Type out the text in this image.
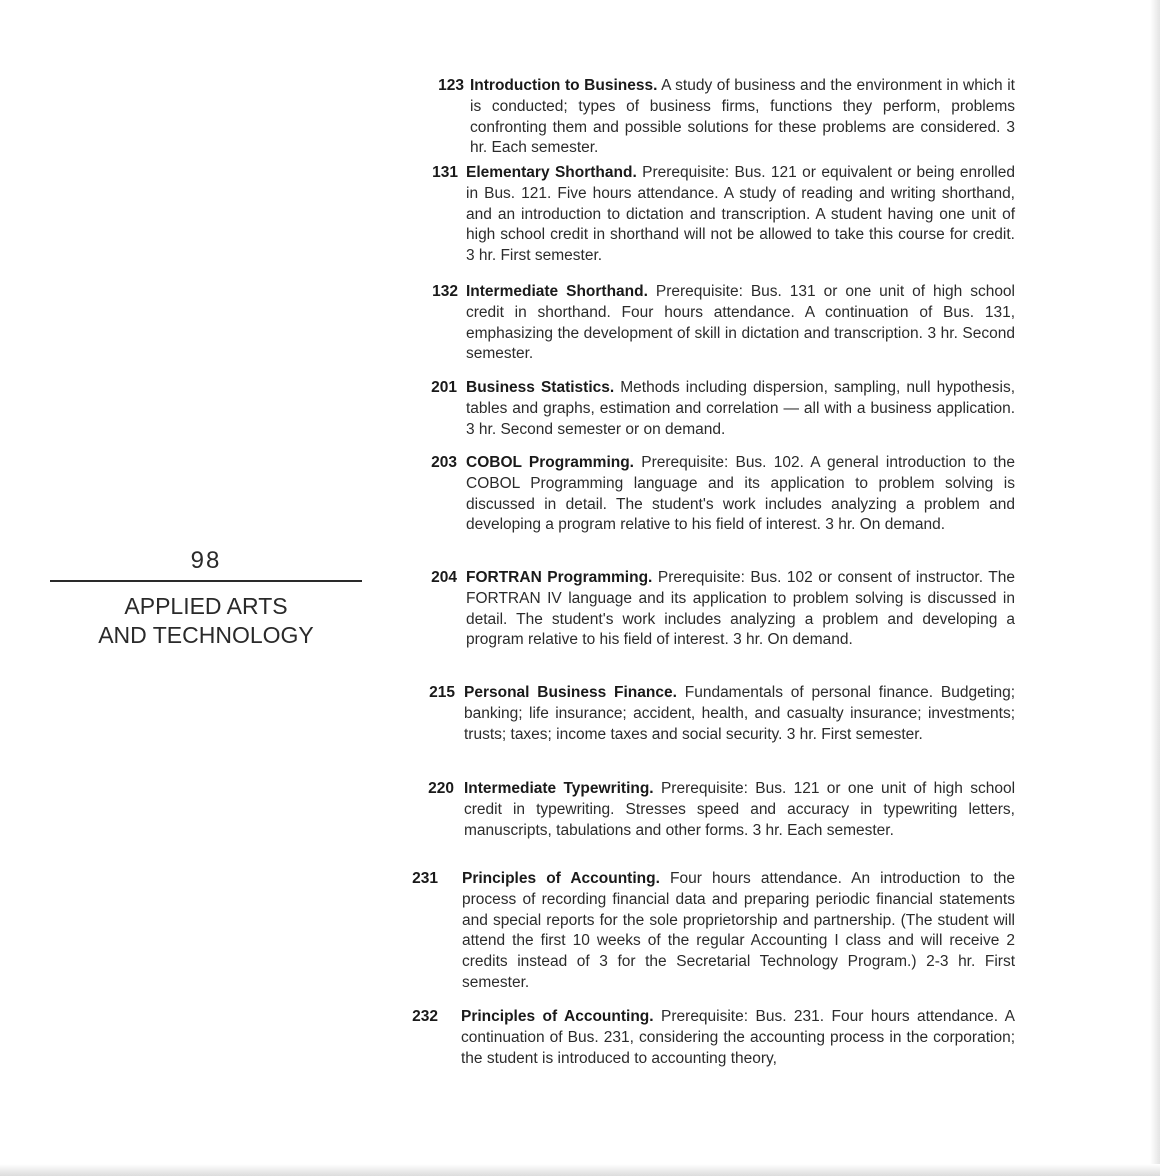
98
APPLIED ARTS
AND TECHNOLOGY
123 Introduction to Business. A study of business and the environment in which it is conducted; types of business firms, functions they perform, problems confronting them and possible solutions for these problems are considered. 3 hr. Each semester.
131 Elementary Shorthand. Prerequisite: Bus. 121 or equivalent or being enrolled in Bus. 121. Five hours attendance. A study of reading and writing shorthand, and an introduction to dictation and transcription. A student having one unit of high school credit in shorthand will not be allowed to take this course for credit. 3 hr. First semester.
132 Intermediate Shorthand. Prerequisite: Bus. 131 or one unit of high school credit in shorthand. Four hours attendance. A continuation of Bus. 131, emphasizing the development of skill in dictation and transcription. 3 hr. Second semester.
201 Business Statistics. Methods including dispersion, sampling, null hypothesis, tables and graphs, estimation and correlation — all with a business application. 3 hr. Second semester or on demand.
203 COBOL Programming. Prerequisite: Bus. 102. A general introduction to the COBOL Programming language and its application to problem solving is discussed in detail. The student's work includes analyzing a problem and developing a program relative to his field of interest. 3 hr. On demand.
204 FORTRAN Programming. Prerequisite: Bus. 102 or consent of instructor. The FORTRAN IV language and its application to problem solving is discussed in detail. The student's work includes analyzing a problem and developing a program relative to his field of interest. 3 hr. On demand.
215 Personal Business Finance. Fundamentals of personal finance. Budgeting; banking; life insurance; accident, health, and casualty insurance; investments; trusts; taxes; income taxes and social security. 3 hr. First semester.
220 Intermediate Typewriting. Prerequisite: Bus. 121 or one unit of high school credit in typewriting. Stresses speed and accuracy in typewriting letters, manuscripts, tabulations and other forms. 3 hr. Each semester.
231 Principles of Accounting. Four hours attendance. An introduction to the process of recording financial data and preparing periodic financial statements and special reports for the sole proprietorship and partnership. (The student will attend the first 10 weeks of the regular Accounting I class and will receive 2 credits instead of 3 for the Secretarial Technology Program.) 2-3 hr. First semester.
232 Principles of Accounting. Prerequisite: Bus. 231. Four hours attendance. A continuation of Bus. 231, considering the accounting process in the corporation; the student is introduced to accounting theory,
